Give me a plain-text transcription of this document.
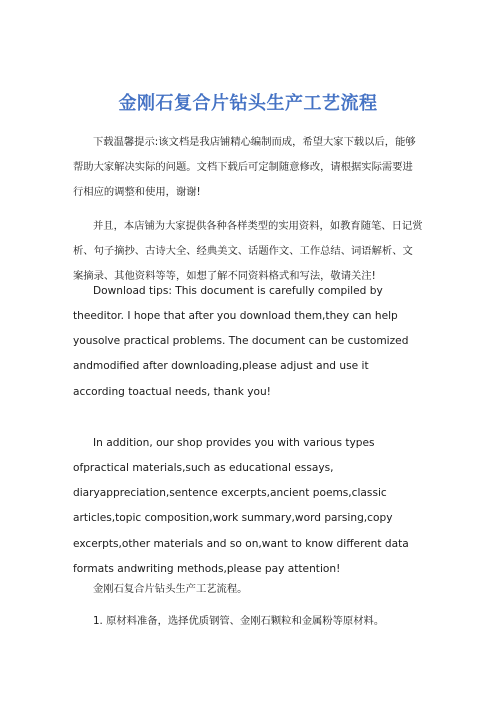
金刚石复合片钻头生产工艺流程

下载温馨提示:该文档是我店铺精心编制而成，希望大家下载以后，能够帮助大家解决实际的问题。文档下载后可定制随意修改，请根据实际需要进行相应的调整和使用，谢谢!

并且，本店铺为大家提供各种各样类型的实用资料，如教育随笔、日记赏析、句子摘抄、古诗大全、经典美文、话题作文、工作总结、词语解析、文案摘录、其他资料等等，如想了解不同资料格式和写法，敬请关注!

Download tips: This document is carefully compiled by theeditor. I hope that after you download them,they can help yousolve practical problems. The document can be customized andmodified after downloading,please adjust and use it according toactual needs, thank you!

In addition, our shop provides you with various types ofpractical materials,such as educational essays, diaryappreciation,sentence excerpts,ancient poems,classic articles,topic composition,work summary,word parsing,copy excerpts,other materials and so on,want to know different data formats andwriting methods,please pay attention!

金刚石复合片钻头生产工艺流程。

1. 原材料准备，选择优质钢管、金刚石颗粒和金属粉等原材料。
